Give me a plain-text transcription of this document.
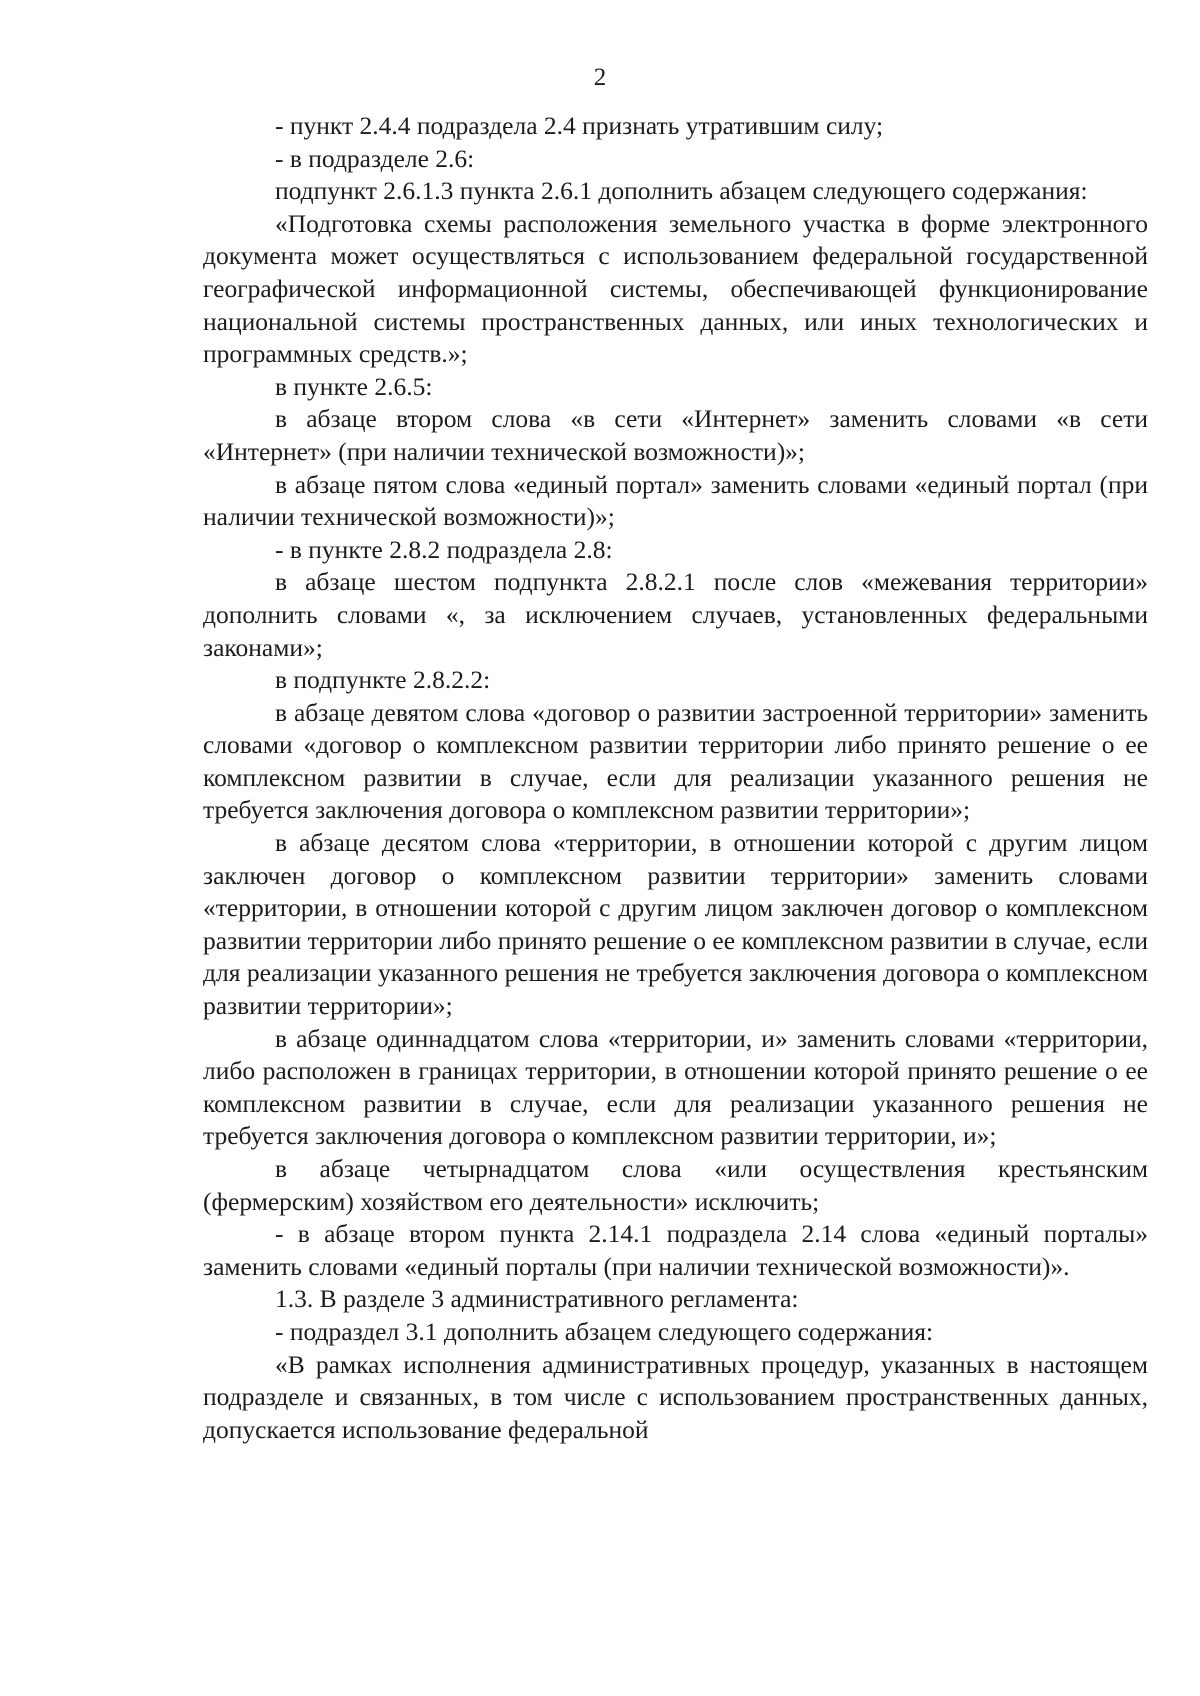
2

- пункт 2.4.4 подраздела 2.4 признать утратившим силу;

- в подразделе 2.6:

подпункт 2.6.1.3 пункта 2.6.1 дополнить абзацем следующего содержания:

«Подготовка схемы расположения земельного участка в форме электронного документа может осуществляться с использованием федеральной государственной географической информационной системы, обеспечивающей функционирование национальной системы пространственных данных, или иных технологических и программных средств.»;

в пункте 2.6.5:

в абзаце втором слова «в сети «Интернет» заменить словами «в сети «Интернет» (при наличии технической возможности)»;

в абзаце пятом слова «единый портал» заменить словами «единый портал (при наличии технической возможности)»;

- в пункте 2.8.2 подраздела 2.8:

в абзаце шестом подпункта 2.8.2.1 после слов «межевания территории» дополнить словами «, за исключением случаев, установленных федеральными законами»;

в подпункте 2.8.2.2:

в абзаце девятом слова «договор о развитии застроенной территории» заменить словами «договор о комплексном развитии территории либо принято решение о ее комплексном развитии в случае, если для реализации указанного решения не требуется заключения договора о комплексном развитии территории»;

в абзаце десятом слова «территории, в отношении которой с другим лицом заключен договор о комплексном развитии территории» заменить словами «территории, в отношении которой с другим лицом заключен договор о комплексном развитии территории либо принято решение о ее комплексном развитии в случае, если для реализации указанного решения не требуется заключения договора о комплексном развитии территории»;

в абзаце одиннадцатом слова «территории, и» заменить словами «территории, либо расположен в границах территории, в отношении которой принято решение о ее комплексном развитии в случае, если для реализации указанного решения не требуется заключения договора о комплексном развитии территории, и»;

в абзаце четырнадцатом слова «или осуществления крестьянским (фермерским) хозяйством его деятельности» исключить;

- в абзаце втором пункта 2.14.1 подраздела 2.14 слова «единый порталы» заменить словами «единый порталы (при наличии технической возможности)».

1.3. В разделе 3 административного регламента:

- подраздел 3.1 дополнить абзацем следующего содержания:

«В рамках исполнения административных процедур, указанных в настоящем подразделе и связанных, в том числе с использованием пространственных данных, допускается использование федеральной
